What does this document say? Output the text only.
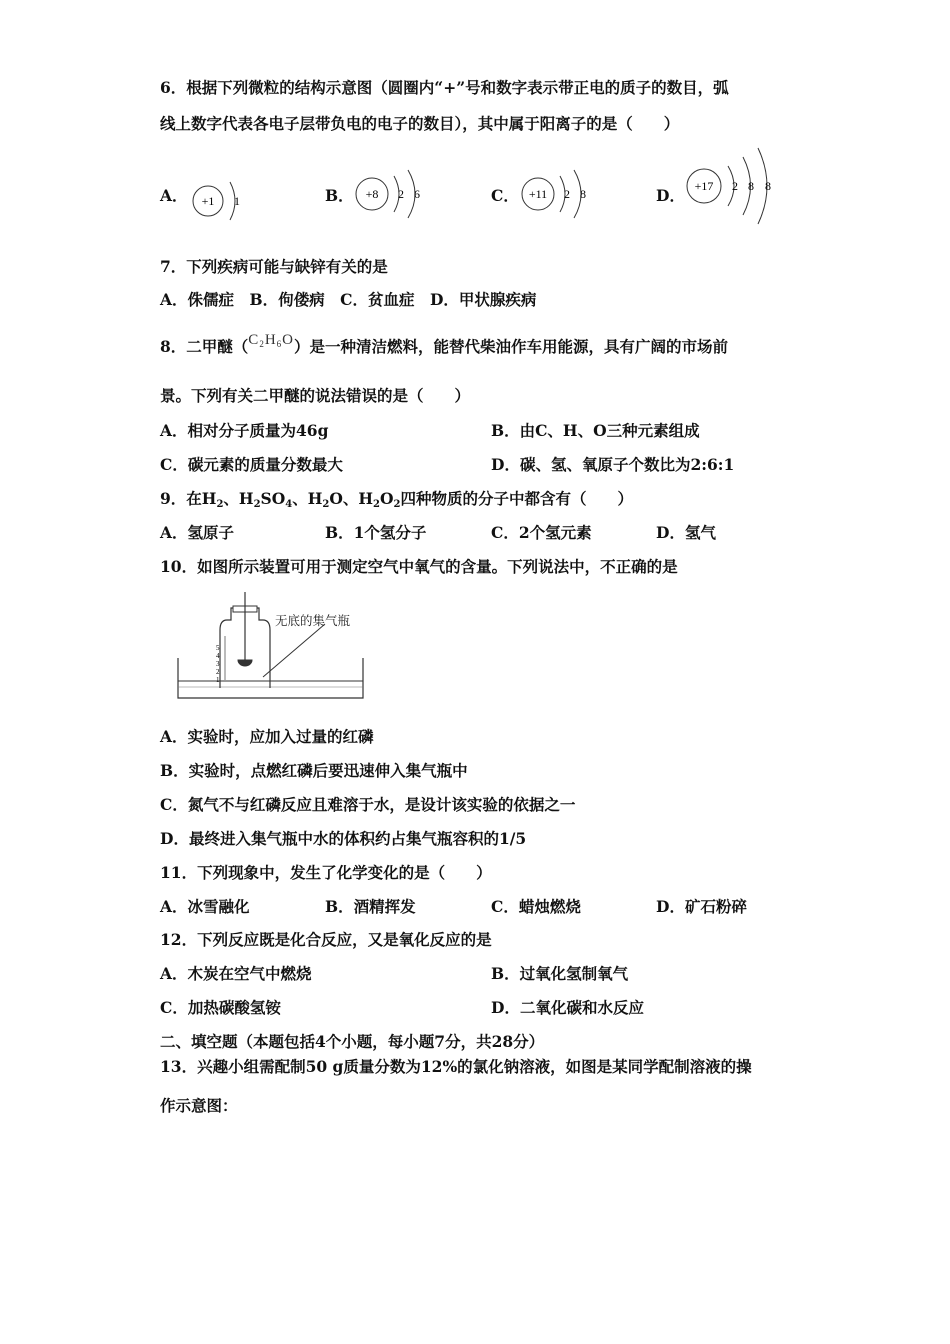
6．根据下列微粒的结构示意图（圆圈内“+”号和数字表示带正电的质子的数目，弧
线上数字代表各电子层带负电的电子的数目），其中属于阳离子的是（　　）
A． +1 1	B． +8 2 6	C． +11 2 8	D． +17 2 8 8
7．下列疾病可能与缺锌有关的是
A．侏儒症　B．佝偻病　C．贫血症　D．甲状腺疾病
8．二甲醚$(C_2H_6O)$是一种清洁燃料，能替代柴油作车用能源，具有广阔的市场前
景。下列有关二甲醚的说法错误的是（　　）
A．相对分子质量为46g	B．由C、H、O三种元素组成
C．碳元素的质量分数最大	D．碳、氢、氧原子个数比为2:6:1
9．在$H_2$、$H_2SO_4$、$H_2O$、$H_2O_2$四种物质的分子中都含有（　　）
A．氢原子	B．1个氢分子	C．2个氢元素	D．氢气
10．如图所示装置可用于测定空气中氧气的含量。下列说法中，不正确的是
5
4
3
2
1
无底的集气瓶
A．实验时，应加入过量的红磷
B．实验时，点燃红磷后要迅速伸入集气瓶中
C．氮气不与红磷反应且难溶于水，是设计该实验的依据之一
D．最终进入集气瓶中水的体积约占集气瓶容积的1/5
11．下列现象中，发生了化学变化的是（　　）
A．冰雪融化	B．酒精挥发	C．蜡烛燃烧	D．矿石粉碎
12．下列反应既是化合反应，又是氧化反应的是
A．木炭在空气中燃烧	B．过氧化氢制氧气
C．加热碳酸氢铵	D．二氧化碳和水反应
二、填空题（本题包括4个小题，每小题7分，共28分）
13．兴趣小组需配制50 g质量分数为12%的氯化钠溶液，如图是某同学配制溶液的操
作示意图：
